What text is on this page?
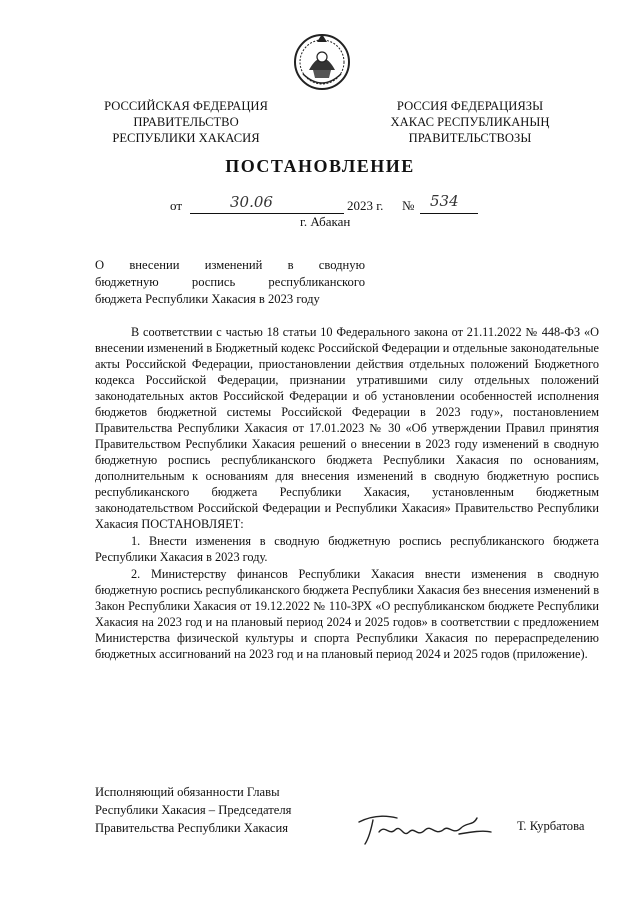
РОССИЙСКАЯ ФЕДЕРАЦИЯ
ПРАВИТЕЛЬСТВО
РЕСПУБЛИКИ ХАКАСИЯ
РОССИЯ ФЕДЕРАЦИЯЗЫ
ХАКАС РЕСПУБЛИКАНЫҢ
ПРАВИТЕЛЬСТВОЗЫ
ПОСТАНОВЛЕНИЕ
от	30.06	2023 г. № 534
г. Абакан
О внесении изменений в сводную
бюджетную роспись республиканского
бюджета Республики Хакасия в 2023 году
В соответствии с частью 18 статьи 10 Федерального закона от 21.11.2022 № 448-ФЗ «О внесении изменений в Бюджетный кодекс Российской Федерации и отдельные законодательные акты Российской Федерации, приостановлении действия отдельных положений Бюджетного кодекса Российской Федерации, признании утратившими силу отдельных положений законодательных актов Российской Федерации и об установлении особенностей исполнения бюджетов бюджетной системы Российской Федерации в 2023 году», постановлением Правительства Республики Хакасия от 17.01.2023 № 30 «Об утверждении Правил принятия Правительством Республики Хакасия решений о внесении в 2023 году изменений в сводную бюджетную роспись республиканского бюджета Республики Хакасия по основаниям, дополнительным к основаниям для внесения изменений в сводную бюджетную роспись республиканского бюджета Республики Хакасия, установленным бюджетным законодательством Российской Федерации и Республики Хакасия» Правительство Республики Хакасия ПОСТАНОВЛЯЕТ:
1. Внести изменения в сводную бюджетную роспись республиканского бюджета Республики Хакасия в 2023 году.
2. Министерству финансов Республики Хакасия внести изменения в сводную бюджетную роспись республиканского бюджета Республики Хакасия без внесения изменений в Закон Республики Хакасия от 19.12.2022 № 110-ЗРХ «О республиканском бюджете Республики Хакасия на 2023 год и на плановый период 2024 и 2025 годов» в соответствии с предложением Министерства физической культуры и спорта Республики Хакасия по перераспределению бюджетных ассигнований на 2023 год и на плановый период 2024 и 2025 годов (приложение).
Исполняющий обязанности Главы
Республики Хакасия – Председателя
Правительства Республики Хакасия	Т. Курбатова
